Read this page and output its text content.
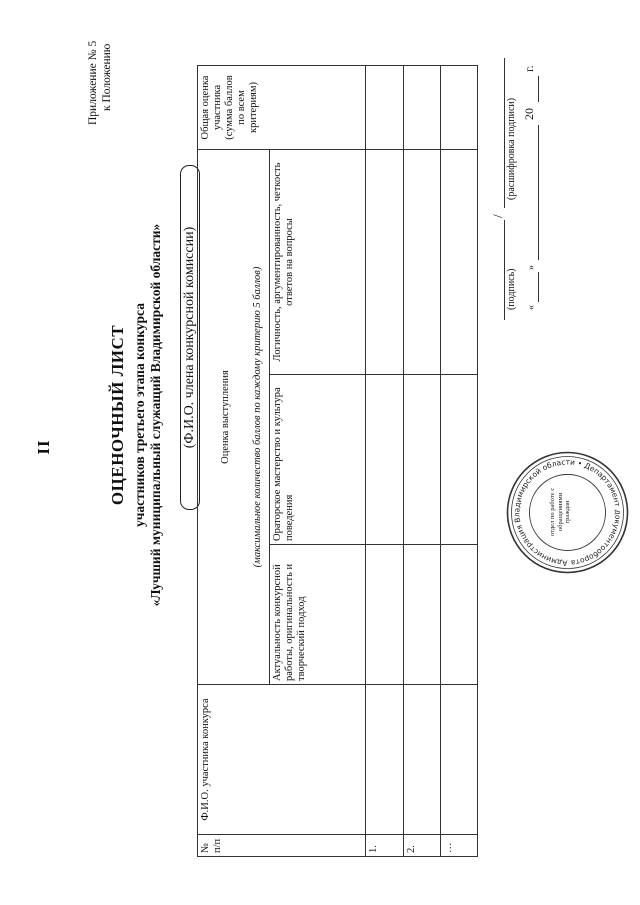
II
Приложение № 5 к Положению
ОЦЕНОЧНЫЙ ЛИСТ участников третьего этапа конкурса «Лучший муниципальный служащий Владимирской области» (Ф.И.О. члена конкурсной комиссии)
№ п/п	Ф.И.О. участника конкурса	Оценка выступления (максимальное количество баллов по каждому критерию 5 баллов)			Общая оценка участника (сумма баллов по всем критериям)
		Актуальность конкурсной работы, оригинальность и творческий подход	Ораторское мастерство и культура поведения	Логичность, аргументированность, четкость ответов на вопросы	
1.					
2.					
…					
/
(подпись)
(расшифровка подписи)
«
»
20
г.
Администрация Владимирской области • Департамент документооборота
отдел по работе с обращениями граждан
